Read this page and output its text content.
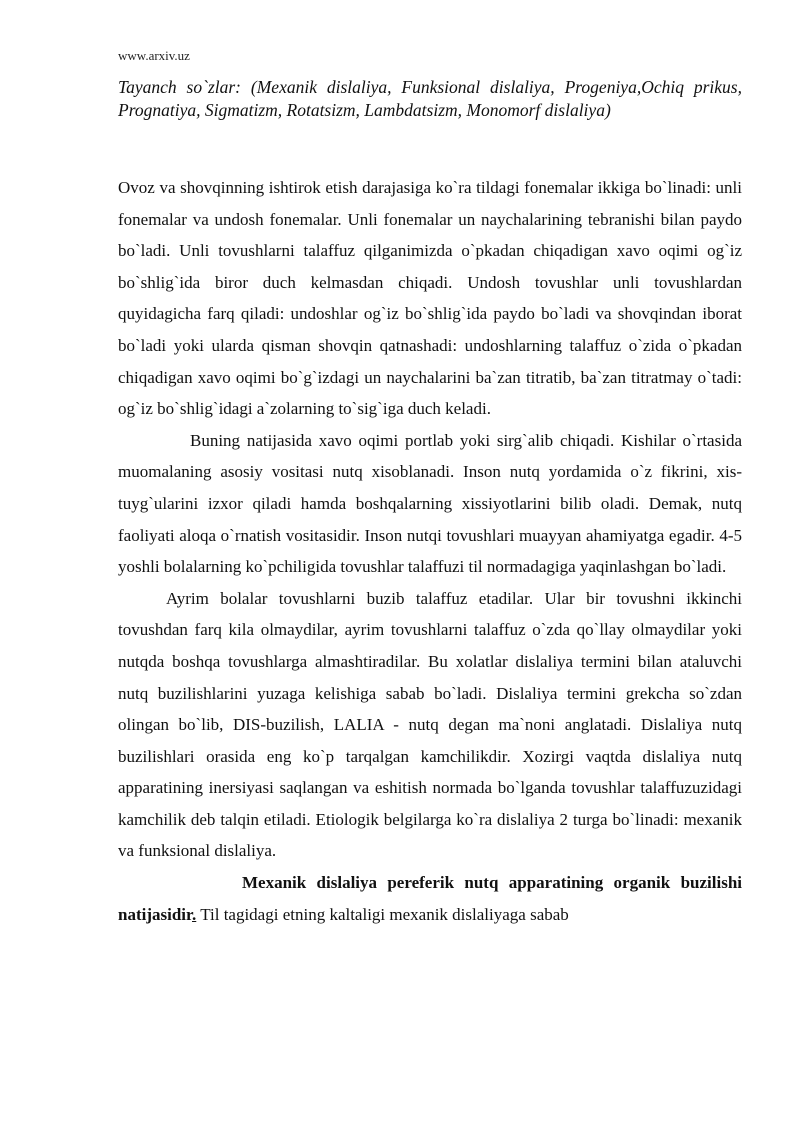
www.arxiv.uz
Tayanch so`zlar: (Mexanik dislaliya, Funksional dislaliya, Progeniya,Ochiq prikus, Prognatiya, Sigmatizm, Rotatsizm, Lambdatsizm, Monomorf dislaliya)

Ovoz va shovqinning ishtirok etish darajasiga ko`ra tildagi fonemalar ikkiga bo`linadi: unli fonemalar va undosh fonemalar. Unli fonemalar un naychalarining tebranishi bilan paydo bo`ladi. Unli tovushlarni talaffuz qilganimizda o`pkadan chiqadigan xavo oqimi og`iz bo`shlig`ida biror duch kelmasdan chiqadi. Undosh tovushlar unli tovushlardan quyidagicha farq qiladi: undoshlar og`iz bo`shlig`ida paydo bo`ladi va shovqindan iborat bo`ladi yoki ularda qisman shovqin qatnashadi: undoshlarning talaffuz o`zida o`pkadan chiqadigan xavo oqimi bo`g`izdagi un naychalarini ba`zan titratib, ba`zan titratmay o`tadi: og`iz bo`shlig`idagi a`zolarning to`sig`iga duch keladi.

Buning natijasida xavo oqimi portlab yoki sirg`alib chiqadi. Kishilar o`rtasida muomalaning asosiy vositasi nutq xisoblanadi. Inson nutq yordamida o`z fikrini, xis-tuyg`ularini izxor qiladi hamda boshqalarning xissiyotlarini bilib oladi. Demak, nutq faoliyati aloqa o`rnatish vositasidir. Inson nutqi tovushlari muayyan ahamiyatga egadir. 4-5 yoshli bolalarning ko`pchiligida tovushlar talaffuzi til normadagiga yaqinlashgan bo`ladi.

Ayrim bolalar tovushlarni buzib talaffuz etadilar. Ular bir tovushni ikkinchi tovushdan farq kila olmaydilar, ayrim tovushlarni talaffuz o`zda qo`llay olmaydilar yoki nutqda boshqa tovushlarga almashtiradilar. Bu xolatlar dislaliya termini bilan ataluvchi nutq buzilishlarini yuzaga kelishiga sabab bo`ladi. Dislaliya termini grekcha so`zdan olingan bo`lib, DIS-buzilish, LALIA - nutq degan ma`noni anglatadi. Dislaliya nutq buzilishlari orasida eng ko`p tarqalgan kamchilikdir. Xozirgi vaqtda dislaliya nutq apparatining inersiyasi saqlangan va eshitish normada bo`lganda tovushlar talaffuzuzidagi kamchilik deb talqin etiladi. Etiologik belgilarga ko`ra dislaliya 2 turga bo`linadi: mexanik va funksional dislaliya.

Mexanik dislaliya pereferik nutq apparatining organik buzilishi natijasidir. Til tagidagi etning kaltaligi mexanik dislaliyaga sabab
